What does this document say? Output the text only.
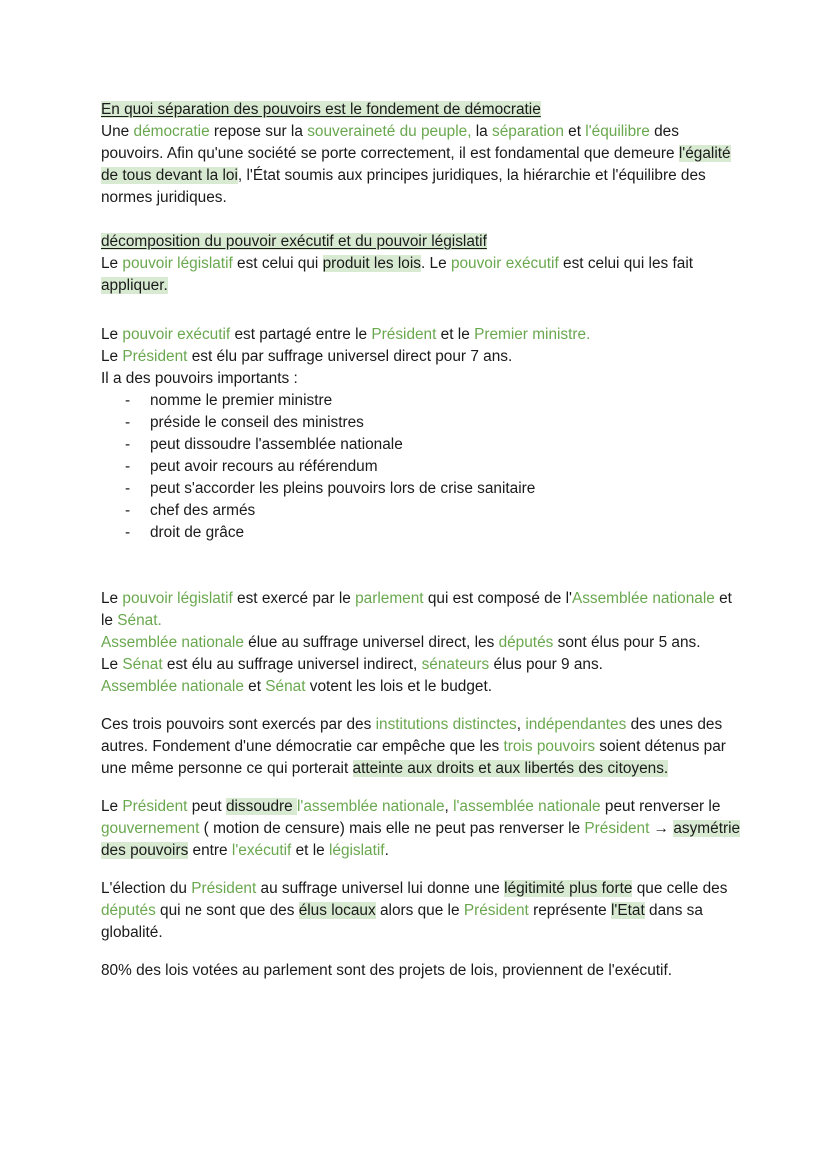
En quoi séparation des pouvoirs est le fondement de démocratie

Une démocratie repose sur la souveraineté du peuple, la séparation et l'équilibre des pouvoirs. Afin qu'une société se porte correctement, il est fondamental que demeure l'égalité de tous devant la loi, l'État soumis aux principes juridiques, la hiérarchie et l'équilibre des normes juridiques.

décomposition du pouvoir exécutif et du pouvoir législatif

Le pouvoir législatif est celui qui produit les lois. Le pouvoir exécutif est celui qui les fait appliquer.

Le pouvoir exécutif est partagé entre le Président et le Premier ministre.

Le Président est élu par suffrage universel direct pour 7 ans.

Il a des pouvoirs importants :

- nomme le premier ministre
- préside le conseil des ministres
- peut dissoudre l'assemblée nationale
- peut avoir recours au référendum
- peut s'accorder les pleins pouvoirs lors de crise sanitaire
- chef des armés
- droit de grâce

Le pouvoir législatif est exercé par le parlement qui est composé de l'Assemblée nationale et le Sénat.

Assemblée nationale élue au suffrage universel direct, les députés sont élus pour 5 ans.

Le Sénat est élu au suffrage universel indirect, sénateurs élus pour 9 ans.

Assemblée nationale et Sénat votent les lois et le budget.

Ces trois pouvoirs sont exercés par des institutions distinctes, indépendantes des unes des autres. Fondement d'une démocratie car empêche que les trois pouvoirs soient détenus par une même personne ce qui porterait atteinte aux droits et aux libertés des citoyens.

Le Président peut dissoudre l'assemblée nationale, l'assemblée nationale peut renverser le gouvernement ( motion de censure) mais elle ne peut pas renverser le Président → asymétrie des pouvoirs entre l'exécutif et le législatif.

L'élection du Président au suffrage universel lui donne une légitimité plus forte que celle des députés qui ne sont que des élus locaux alors que le Président représente l'Etat dans sa globalité.

80% des lois votées au parlement sont des projets de lois, proviennent de l'exécutif.
